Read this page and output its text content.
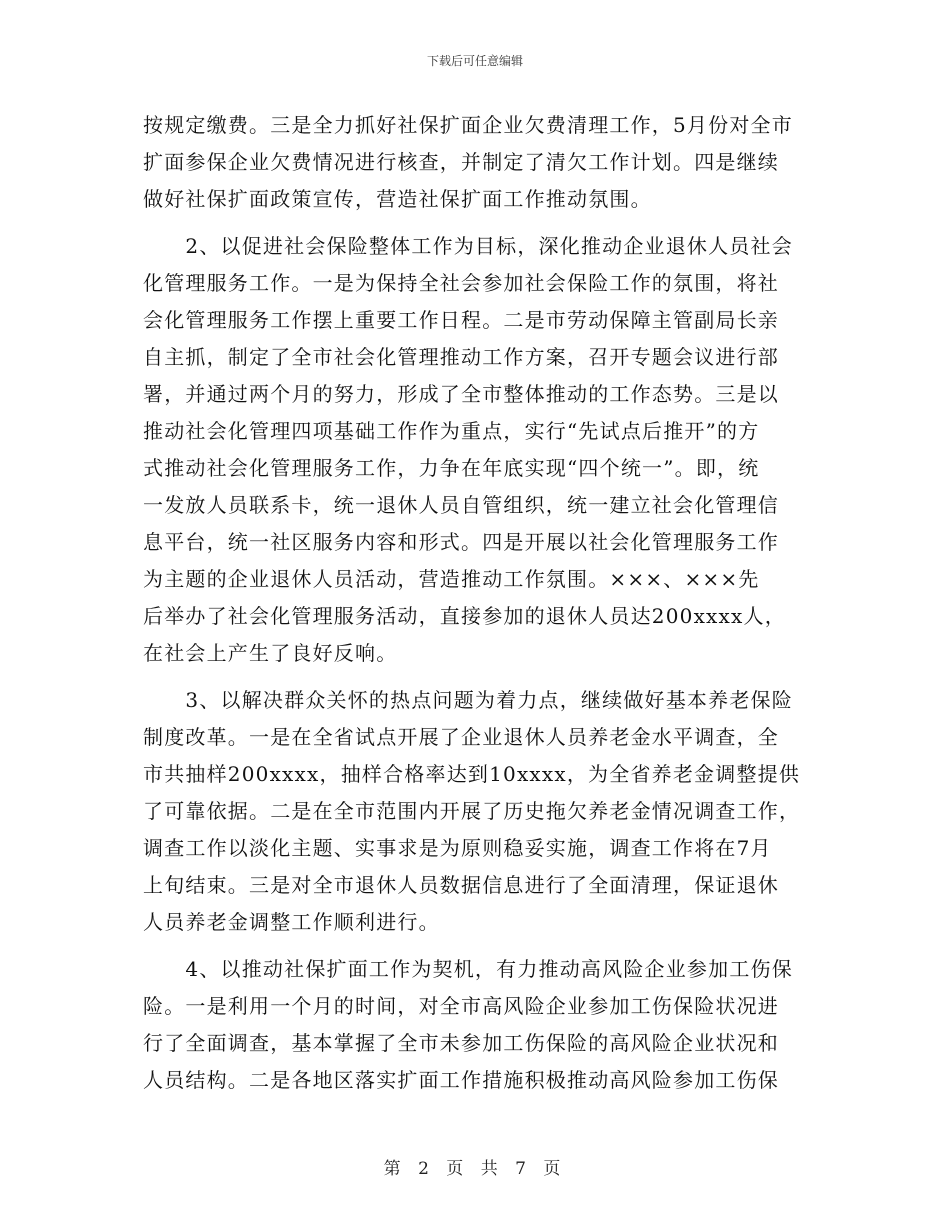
下载后可任意编辑
按规定缴费。三是全力抓好社保扩面企业欠费清理工作，5月份对全市
扩面参保企业欠费情况进行核查，并制定了清欠工作计划。四是继续
做好社保扩面政策宣传，营造社保扩面工作推动氛围。
　　2、以促进社会保险整体工作为目标，深化推动企业退休人员社会
化管理服务工作。一是为保持全社会参加社会保险工作的氛围，将社
会化管理服务工作摆上重要工作日程。二是市劳动保障主管副局长亲
自主抓，制定了全市社会化管理推动工作方案，召开专题会议进行部
署，并通过两个月的努力，形成了全市整体推动的工作态势。三是以
推动社会化管理四项基础工作作为重点，实行“先试点后推开”的方
式推动社会化管理服务工作，力争在年底实现“四个统一”。即，统
一发放人员联系卡，统一退休人员自管组织，统一建立社会化管理信
息平台，统一社区服务内容和形式。四是开展以社会化管理服务工作
为主题的企业退休人员活动，营造推动工作氛围。×××、×××先
后举办了社会化管理服务活动，直接参加的退休人员达200xxxx人，
在社会上产生了良好反响。
　　3、以解决群众关怀的热点问题为着力点，继续做好基本养老保险
制度改革。一是在全省试点开展了企业退休人员养老金水平调查，全
市共抽样200xxxx，抽样合格率达到10xxxx，为全省养老金调整提供
了可靠依据。二是在全市范围内开展了历史拖欠养老金情况调查工作，
调查工作以淡化主题、实事求是为原则稳妥实施，调查工作将在7月
上旬结束。三是对全市退休人员数据信息进行了全面清理，保证退休
人员养老金调整工作顺利进行。
　　4、以推动社保扩面工作为契机，有力推动高风险企业参加工伤保
险。一是利用一个月的时间，对全市高风险企业参加工伤保险状况进
行了全面调查，基本掌握了全市未参加工伤保险的高风险企业状况和
人员结构。二是各地区落实扩面工作措施积极推动高风险参加工伤保
第 2 页 共 7 页
